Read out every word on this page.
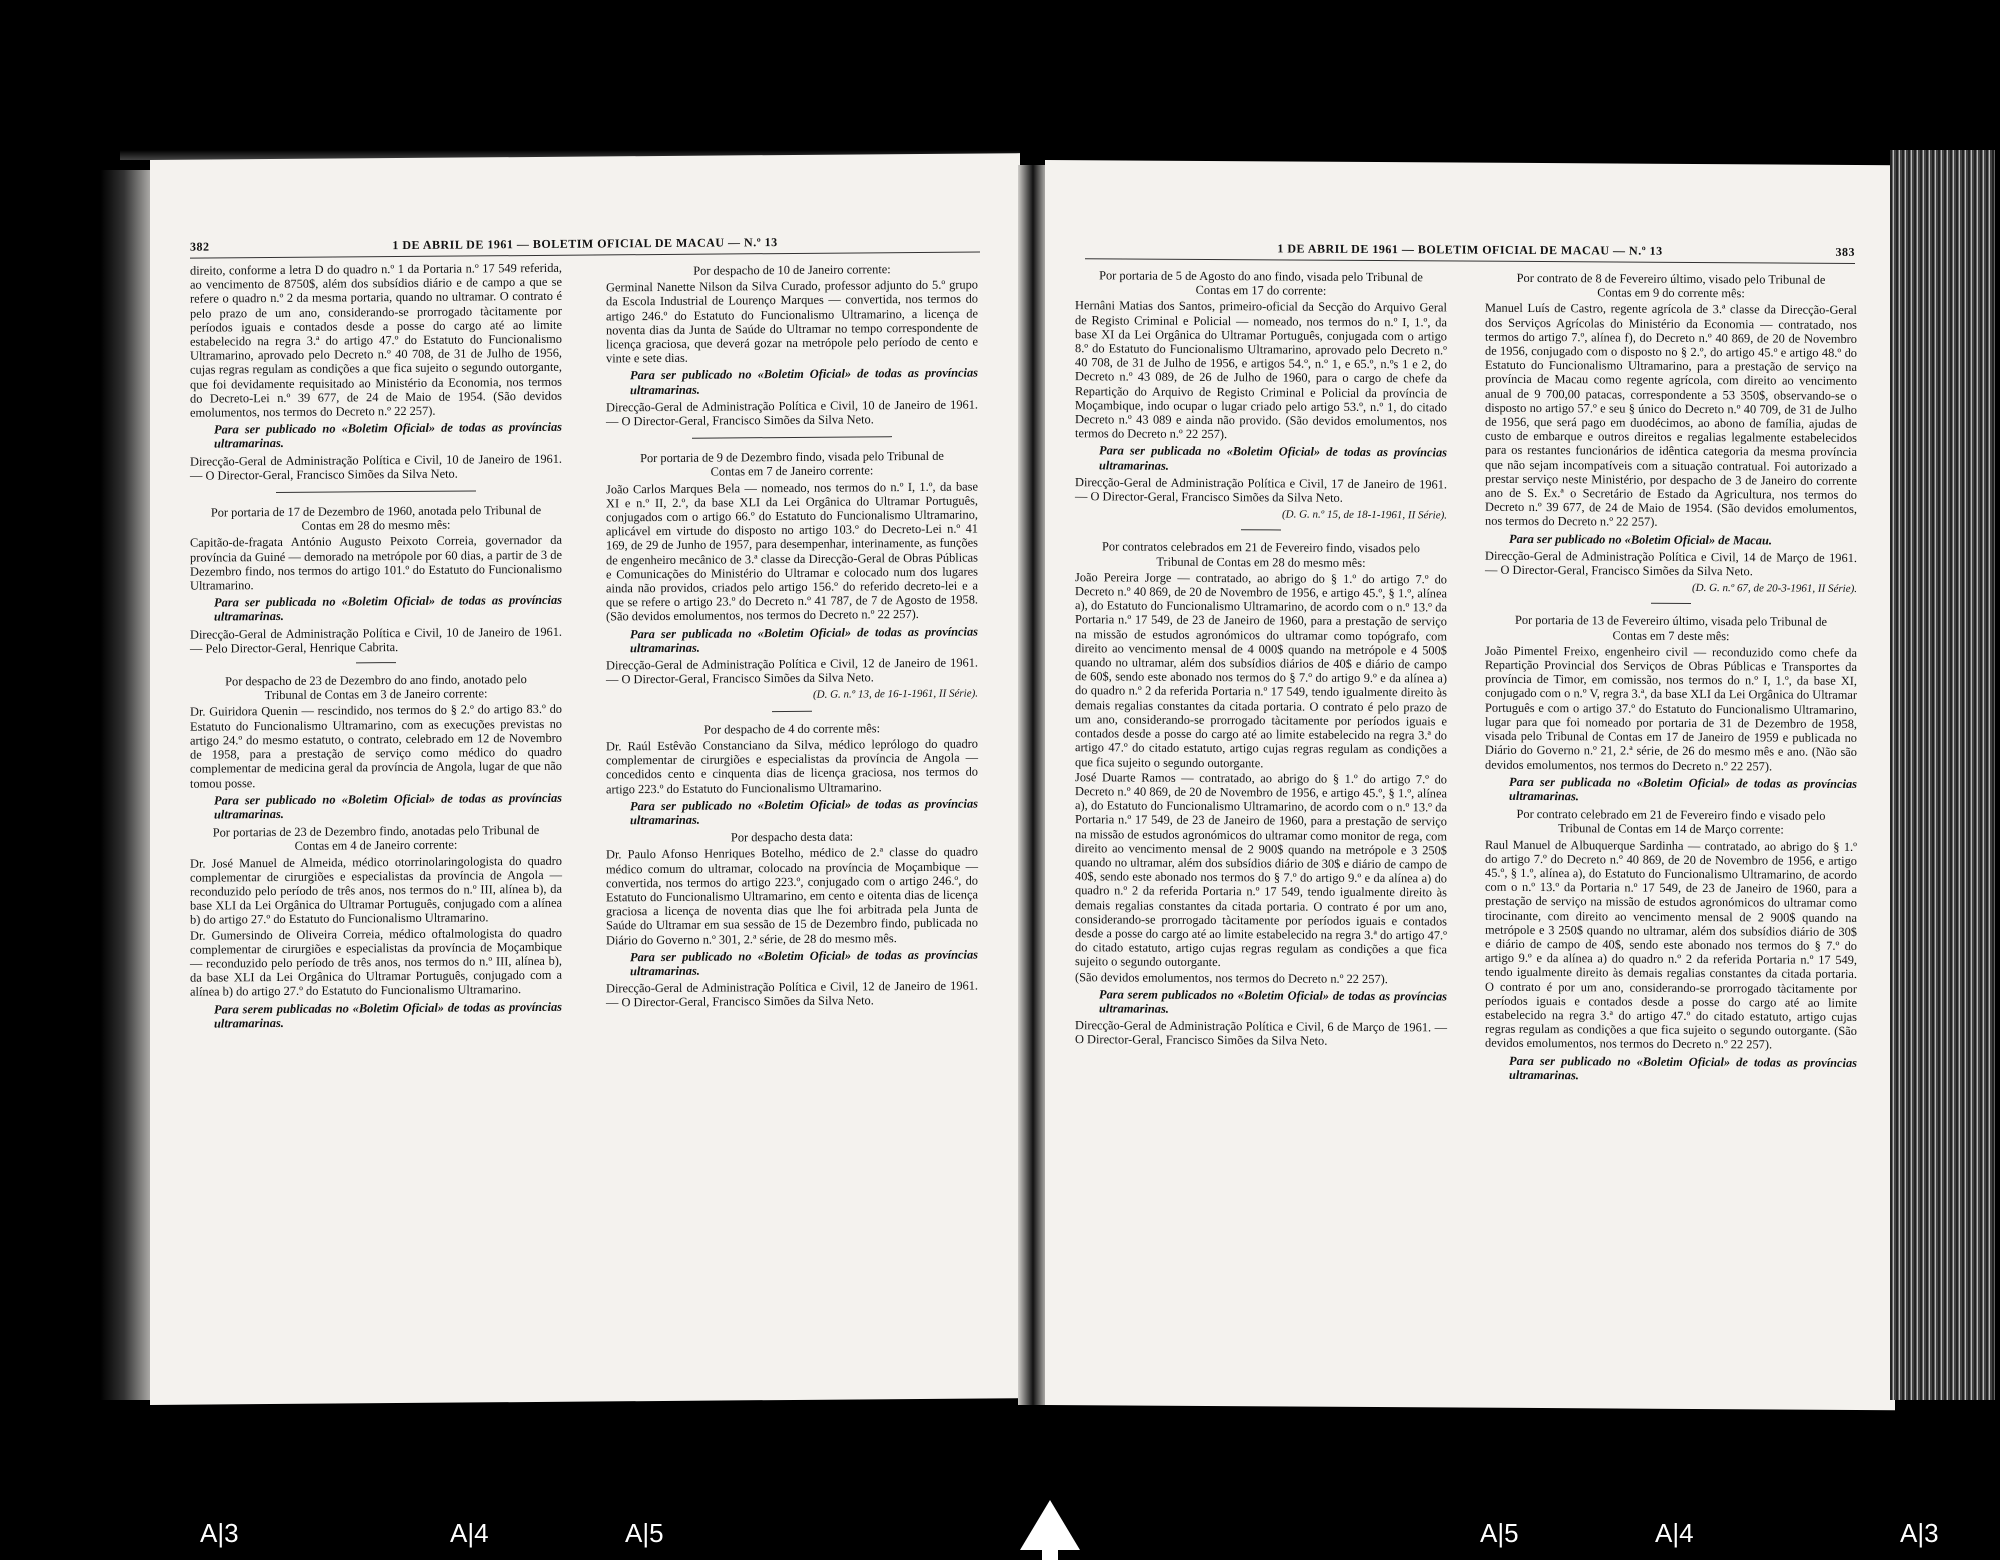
382	1 DE ABRIL DE 1961 — BOLETIM OFICIAL DE MACAU — N.º 13

direito, conforme a letra D do quadro n.º 1 da Portaria n.º 17 549 referida, ao vencimento de 8750$, além dos subsídios diário e de campo a que se refere o quadro n.º 2 da mesma portaria, quando no ultramar. O contrato é pelo prazo de um ano, considerando-se prorrogado tàcitamente por períodos iguais e contados desde a posse do cargo até ao limite estabelecido na regra 3.ª do artigo 47.º do Estatuto do Funcionalismo Ultramarino, aprovado pelo Decreto n.º 40 708, de 31 de Julho de 1956, cujas regras regulam as condições a que fica sujeito o segundo outorgante, que foi devidamente requisitado ao Ministério da Economia, nos termos do Decreto-Lei n.º 39 677, de 24 de Maio de 1954. (São devidos emolumentos, nos termos do Decreto n.º 22 257).

Para ser publicado no «Boletim Oficial» de todas as províncias ultramarinas.

Direcção-Geral de Administração Política e Civil, 10 de Janeiro de 1961. — O Director-Geral, Francisco Simões da Silva Neto.

Por portaria de 17 de Dezembro de 1960, anotada pelo Tribunal de Contas em 28 do mesmo mês:

Capitão-de-fragata António Augusto Peixoto Correia, governador da província da Guiné — demorado na metrópole por 60 dias, a partir de 3 de Dezembro findo, nos termos do artigo 101.º do Estatuto do Funcionalismo Ultramarino.

Para ser publicada no «Boletim Oficial» de todas as províncias ultramarinas.

Direcção-Geral de Administração Política e Civil, 10 de Janeiro de 1961. — Pelo Director-Geral, Henrique Cabrita.

Por despacho de 23 de Dezembro do ano findo, anotado pelo Tribunal de Contas em 3 de Janeiro corrente:

Dr. Guiridora Quenin — rescindido, nos termos do § 2.º do artigo 83.º do Estatuto do Funcionalismo Ultramarino, com as execuções previstas no artigo 24.º do mesmo estatuto, o contrato, celebrado em 12 de Novembro de 1958, para a prestação de serviço como médico do quadro complementar de medicina geral da província de Angola, lugar de que não tomou posse.

Para ser publicado no «Boletim Oficial» de todas as províncias ultramarinas.

Por portarias de 23 de Dezembro findo, anotadas pelo Tribunal de Contas em 4 de Janeiro corrente:

Dr. José Manuel de Almeida, médico otorrinolaringologista do quadro complementar de cirurgiões e especialistas da província de Angola — reconduzido pelo período de três anos, nos termos do n.º III, alínea b), da base XLI da Lei Orgânica do Ultramar Português, conjugado com a alínea b) do artigo 27.º do Estatuto do Funcionalismo Ultramarino.

Dr. Gumersindo de Oliveira Correia, médico oftalmologista do quadro complementar de cirurgiões e especialistas da província de Moçambique — reconduzido pelo período de três anos, nos termos do n.º III, alínea b), da base XLI da Lei Orgânica do Ultramar Português, conjugado com a alínea b) do artigo 27.º do Estatuto do Funcionalismo Ultramarino.

Para serem publicadas no «Boletim Oficial» de todas as províncias ultramarinas.

Por despacho de 10 de Janeiro corrente:

Germinal Nanette Nilson da Silva Curado, professor adjunto do 5.º grupo da Escola Industrial de Lourenço Marques — convertida, nos termos do artigo 246.º do Estatuto do Funcionalismo Ultramarino, a licença de noventa dias da Junta de Saúde do Ultramar no tempo correspondente de licença graciosa, que deverá gozar na metrópole pelo período de cento e vinte e sete dias.

Para ser publicado no «Boletim Oficial» de todas as províncias ultramarinas.

Direcção-Geral de Administração Política e Civil, 10 de Janeiro de 1961. — O Director-Geral, Francisco Simões da Silva Neto.

Por portaria de 9 de Dezembro findo, visada pelo Tribunal de Contas em 7 de Janeiro corrente:

João Carlos Marques Bela — nomeado, nos termos do n.º I, 1.º, da base XI e n.º II, 2.º, da base XLI da Lei Orgânica do Ultramar Português, conjugados com o artigo 66.º do Estatuto do Funcionalismo Ultramarino, aplicável em virtude do disposto no artigo 103.º do Decreto-Lei n.º 41 169, de 29 de Junho de 1957, para desempenhar, interinamente, as funções de engenheiro mecânico de 3.ª classe da Direcção-Geral de Obras Públicas e Comunicações do Ministério do Ultramar e colocado num dos lugares ainda não providos, criados pelo artigo 156.º do referido decreto-lei e a que se refere o artigo 23.º do Decreto n.º 41 787, de 7 de Agosto de 1958. (São devidos emolumentos, nos termos do Decreto n.º 22 257).

Para ser publicada no «Boletim Oficial» de todas as províncias ultramarinas.

Direcção-Geral de Administração Política e Civil, 12 de Janeiro de 1961. — O Director-Geral, Francisco Simões da Silva Neto.

(D. G. n.º 13, de 16-1-1961, II Série).

Por despacho de 4 do corrente mês:

Dr. Raúl Estêvão Constanciano da Silva, médico leprólogo do quadro complementar de cirurgiões e especialistas da província de Angola — concedidos cento e cinquenta dias de licença graciosa, nos termos do artigo 223.º do Estatuto do Funcionalismo Ultramarino.

Para ser publicado no «Boletim Oficial» de todas as províncias ultramarinas.

Por despacho desta data:

Dr. Paulo Afonso Henriques Botelho, médico de 2.ª classe do quadro médico comum do ultramar, colocado na província de Moçambique — convertida, nos termos do artigo 223.º, conjugado com o artigo 246.º, do Estatuto do Funcionalismo Ultramarino, em cento e oitenta dias de licença graciosa a licença de noventa dias que lhe foi arbitrada pela Junta de Saúde do Ultramar em sua sessão de 15 de Dezembro findo, publicada no Diário do Governo n.º 301, 2.ª série, de 28 do mesmo mês.

Para ser publicado no «Boletim Oficial» de todas as províncias ultramarinas.

Direcção-Geral de Administração Política e Civil, 12 de Janeiro de 1961. — O Director-Geral, Francisco Simões da Silva Neto.

1 DE ABRIL DE 1961 — BOLETIM OFICIAL DE MACAU — N.º 13	383

Por portaria de 5 de Agosto do ano findo, visada pelo Tribunal de Contas em 17 do corrente:

Hernâni Matias dos Santos, primeiro-oficial da Secção do Arquivo Geral de Registo Criminal e Policial — nomeado, nos termos do n.º I, 1.º, da base XI da Lei Orgânica do Ultramar Português, conjugada com o artigo 8.º do Estatuto do Funcionalismo Ultramarino, aprovado pelo Decreto n.º 40 708, de 31 de Julho de 1956, e artigos 54.º, n.º 1, e 65.º, n.ºs 1 e 2, do Decreto n.º 43 089, de 26 de Julho de 1960, para o cargo de chefe da Repartição do Arquivo de Registo Criminal e Policial da província de Moçambique, indo ocupar o lugar criado pelo artigo 53.º, n.º 1, do citado Decreto n.º 43 089 e ainda não provido. (São devidos emolumentos, nos termos do Decreto n.º 22 257).

Para ser publicada no «Boletim Oficial» de todas as províncias ultramarinas.

Direcção-Geral de Administração Política e Civil, 17 de Janeiro de 1961. — O Director-Geral, Francisco Simões da Silva Neto.

(D. G. n.º 15, de 18-1-1961, II Série).

Por contratos celebrados em 21 de Fevereiro findo, visados pelo Tribunal de Contas em 28 do mesmo mês:

João Pereira Jorge — contratado, ao abrigo do § 1.º do artigo 7.º do Decreto n.º 40 869, de 20 de Novembro de 1956, e artigo 45.º, § 1.º, alínea a), do Estatuto do Funcionalismo Ultramarino, de acordo com o n.º 13.º da Portaria n.º 17 549, de 23 de Janeiro de 1960, para a prestação de serviço na missão de estudos agronómicos do ultramar como topógrafo, com direito ao vencimento mensal de 4 000$ quando na metrópole e 4 500$ quando no ultramar, além dos subsídios diários de 40$ e diário de campo de 60$, sendo este abonado nos termos do § 7.º do artigo 9.º e da alínea a) do quadro n.º 2 da referida Portaria n.º 17 549, tendo igualmente direito às demais regalias constantes da citada portaria. O contrato é pelo prazo de um ano, considerando-se prorrogado tàcitamente por períodos iguais e contados desde a posse do cargo até ao limite estabelecido na regra 3.ª do artigo 47.º do citado estatuto, artigo cujas regras regulam as condições a que fica sujeito o segundo outorgante.

José Duarte Ramos — contratado, ao abrigo do § 1.º do artigo 7.º do Decreto n.º 40 869, de 20 de Novembro de 1956, e artigo 45.º, § 1.º, alínea a), do Estatuto do Funcionalismo Ultramarino, de acordo com o n.º 13.º da Portaria n.º 17 549, de 23 de Janeiro de 1960, para a prestação de serviço na missão de estudos agronómicos do ultramar como monitor de rega, com direito ao vencimento mensal de 2 900$ quando na metrópole e 3 250$ quando no ultramar, além dos subsídios diário de 30$ e diário de campo de 40$, sendo este abonado nos termos do § 7.º do artigo 9.º e da alínea a) do quadro n.º 2 da referida Portaria n.º 17 549, tendo igualmente direito às demais regalias constantes da citada portaria. O contrato é por um ano, considerando-se prorrogado tàcitamente por períodos iguais e contados desde a posse do cargo até ao limite estabelecido na regra 3.ª do artigo 47.º do citado estatuto, artigo cujas regras regulam as condições a que fica sujeito o segundo outorgante.

(São devidos emolumentos, nos termos do Decreto n.º 22 257).

Para serem publicados no «Boletim Oficial» de todas as províncias ultramarinas.

Direcção-Geral de Administração Política e Civil, 6 de Março de 1961. — O Director-Geral, Francisco Simões da Silva Neto.

Por contrato de 8 de Fevereiro último, visado pelo Tribunal de Contas em 9 do corrente mês:

Manuel Luís de Castro, regente agrícola de 3.ª classe da Direcção-Geral dos Serviços Agrícolas do Ministério da Economia — contratado, nos termos do artigo 7.º, alínea f), do Decreto n.º 40 869, de 20 de Novembro de 1956, conjugado com o disposto no § 2.º, do artigo 45.º e artigo 48.º do Estatuto do Funcionalismo Ultramarino, para a prestação de serviço na província de Macau como regente agrícola, com direito ao vencimento anual de 9 700,00 patacas, correspondente a 53 350$, observando-se o disposto no artigo 57.º e seu § único do Decreto n.º 40 709, de 31 de Julho de 1956, que será pago em duodécimos, ao abono de família, ajudas de custo de embarque e outros direitos e regalias legalmente estabelecidos para os restantes funcionários de idêntica categoria da mesma província que não sejam incompatíveis com a situação contratual. Foi autorizado a prestar serviço neste Ministério, por despacho de 3 de Janeiro do corrente ano de S. Ex.ª o Secretário de Estado da Agricultura, nos termos do Decreto n.º 39 677, de 24 de Maio de 1954. (São devidos emolumentos, nos termos do Decreto n.º 22 257).

Para ser publicado no «Boletim Oficial» de Macau.

Direcção-Geral de Administração Política e Civil, 14 de Março de 1961. — O Director-Geral, Francisco Simões da Silva Neto.

(D. G. n.º 67, de 20-3-1961, II Série).

Por portaria de 13 de Fevereiro último, visada pelo Tribunal de Contas em 7 deste mês:

João Pimentel Freixo, engenheiro civil — reconduzido como chefe da Repartição Provincial dos Serviços de Obras Públicas e Transportes da província de Timor, em comissão, nos termos do n.º I, 1.º, da base XI, conjugado com o n.º V, regra 3.ª, da base XLI da Lei Orgânica do Ultramar Português e com o artigo 37.º do Estatuto do Funcionalismo Ultramarino, lugar para que foi nomeado por portaria de 31 de Dezembro de 1958, visada pelo Tribunal de Contas em 17 de Janeiro de 1959 e publicada no Diário do Governo n.º 21, 2.ª série, de 26 do mesmo mês e ano. (Não são devidos emolumentos, nos termos do Decreto n.º 22 257).

Para ser publicada no «Boletim Oficial» de todas as províncias ultramarinas.

Por contrato celebrado em 21 de Fevereiro findo e visado pelo Tribunal de Contas em 14 de Março corrente:

Raul Manuel de Albuquerque Sardinha — contratado, ao abrigo do § 1.º do artigo 7.º do Decreto n.º 40 869, de 20 de Novembro de 1956, e artigo 45.º, § 1.º, alínea a), do Estatuto do Funcionalismo Ultramarino, de acordo com o n.º 13.º da Portaria n.º 17 549, de 23 de Janeiro de 1960, para a prestação de serviço na missão de estudos agronómicos do ultramar como tirocinante, com direito ao vencimento mensal de 2 900$ quando na metrópole e 3 250$ quando no ultramar, além dos subsídios diário de 30$ e diário de campo de 40$, sendo este abonado nos termos do § 7.º do artigo 9.º e da alínea a) do quadro n.º 2 da referida Portaria n.º 17 549, tendo igualmente direito às demais regalias constantes da citada portaria. O contrato é por um ano, considerando-se prorrogado tàcitamente por períodos iguais e contados desde a posse do cargo até ao limite estabelecido na regra 3.ª do artigo 47.º do citado estatuto, artigo cujas regras regulam as condições a que fica sujeito o segundo outorgante. (São devidos emolumentos, nos termos do Decreto n.º 22 257).

Para ser publicado no «Boletim Oficial» de todas as províncias ultramarinas.

A|3	A|4	A|5	A|5	A|4	A|3
